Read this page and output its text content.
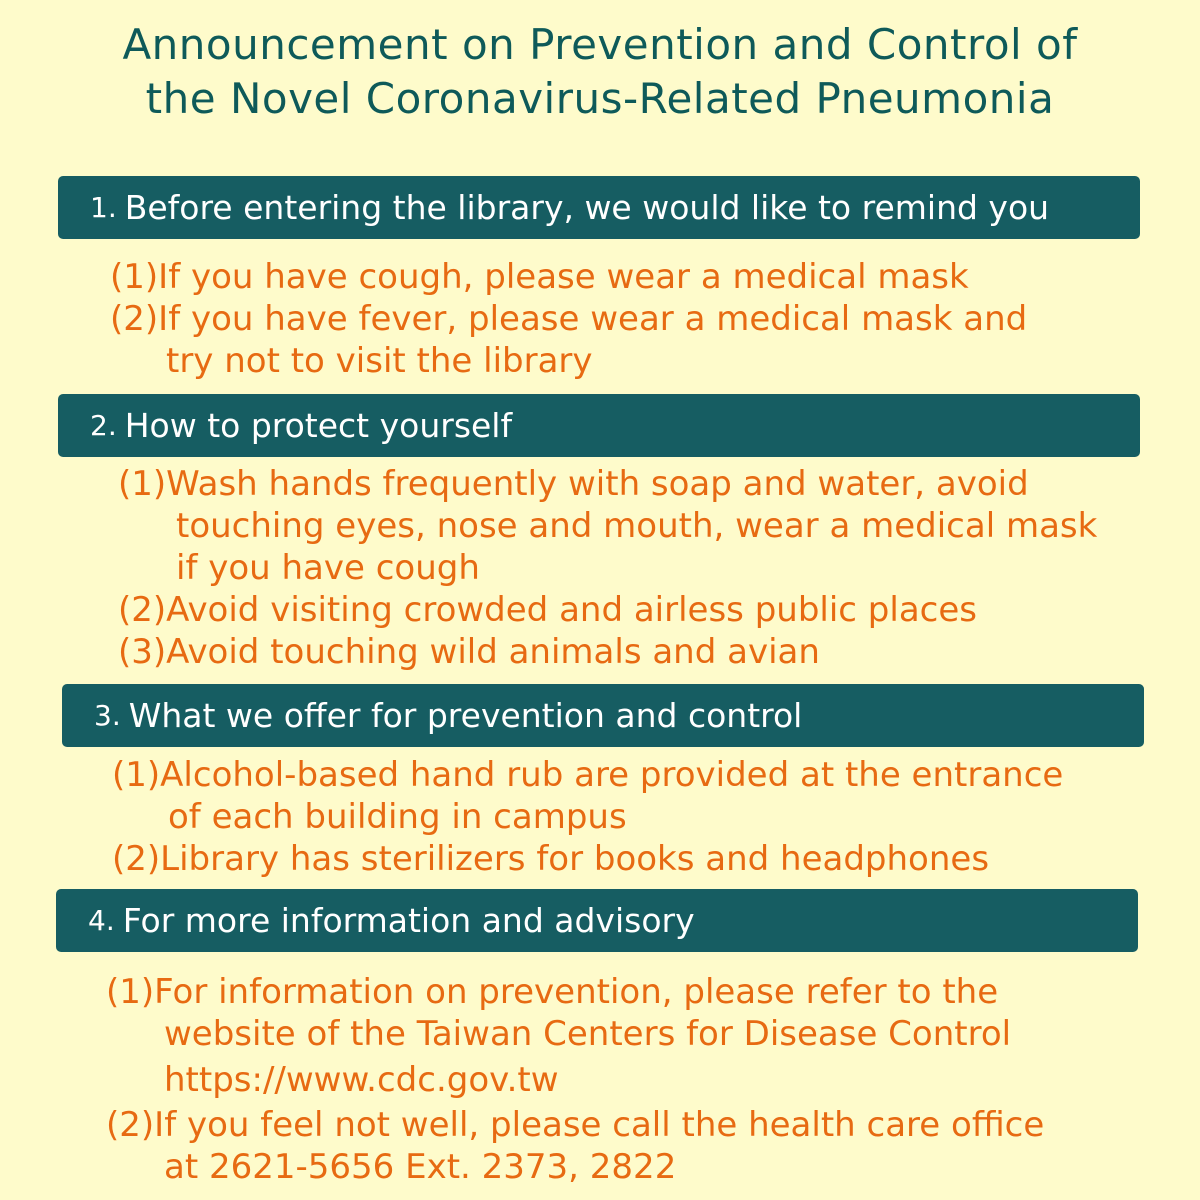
Announcement on Prevention and Control of
the Novel Coronavirus-Related Pneumonia
1. Before entering the library, we would like to remind you
(1)If you have cough, please wear a medical mask
(2)If you have fever, please wear a medical mask and
try not to visit the library
2. How to protect yourself
(1)Wash hands frequently with soap and water, avoid
touching eyes, nose and mouth, wear a medical mask
if you have cough
(2)Avoid visiting crowded and airless public places
(3)Avoid touching wild animals and avian
3. What we offer for prevention and control
(1)Alcohol-based hand rub are provided at the entrance
of each building in campus
(2)Library has sterilizers for books and headphones
4. For more information and advisory
(1)For information on prevention, please refer to the
website of the Taiwan Centers for Disease Control
https://www.cdc.gov.tw
(2)If you feel not well, please call the health care office
at 2621-5656 Ext. 2373, 2822
